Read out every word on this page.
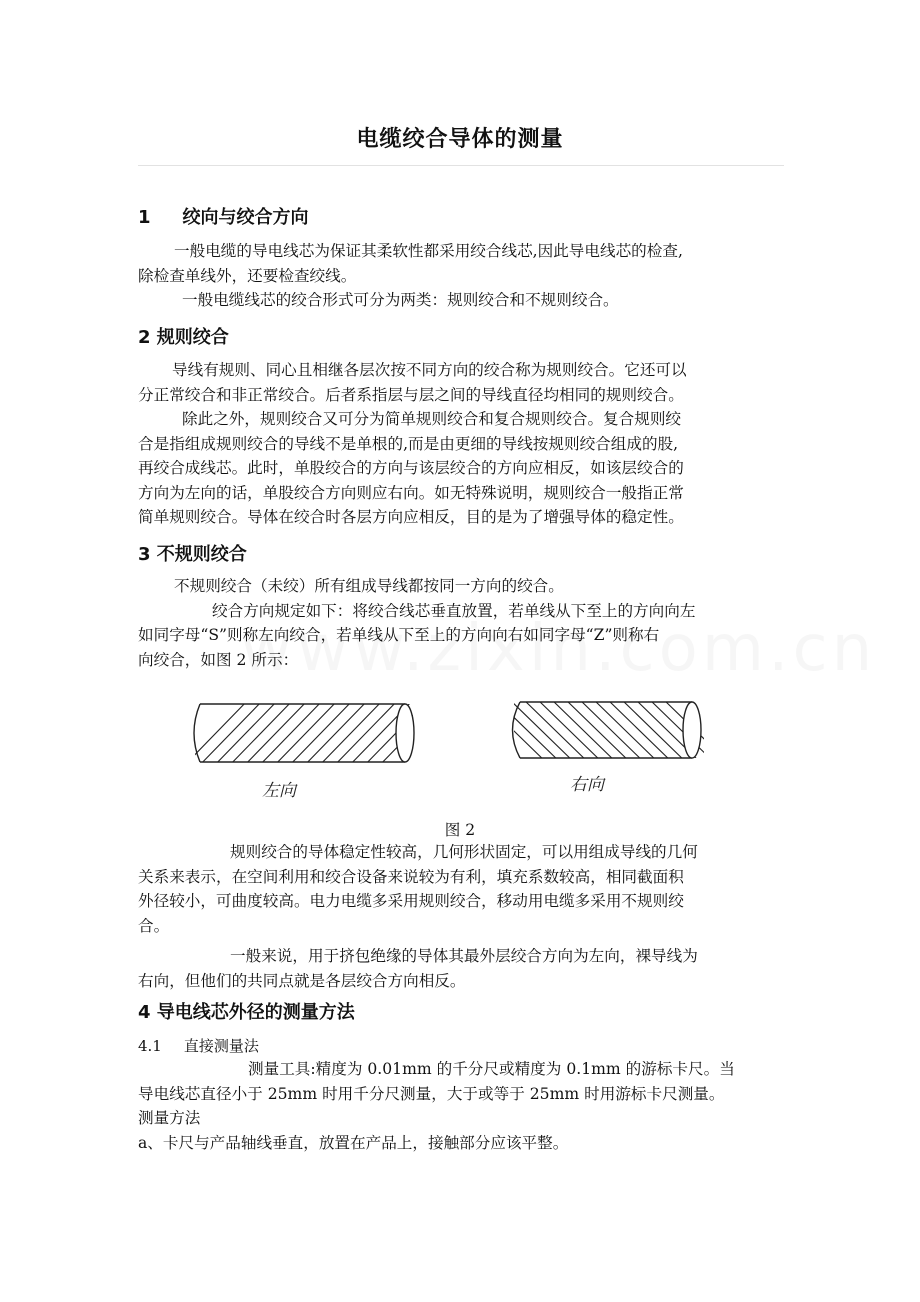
电缆绞合导体的测量
1 绞向与绞合方向
一般电缆的导电线芯为保证其柔软性都采用绞合线芯,因此导电线芯的检查,
除检查单线外，还要检查绞线。
一般电缆线芯的绞合形式可分为两类：规则绞合和不规则绞合。
2 规则绞合
导线有规则、同心且相继各层次按不同方向的绞合称为规则绞合。它还可以
分正常绞合和非正常绞合。后者系指层与层之间的导线直径均相同的规则绞合。
除此之外，规则绞合又可分为简单规则绞合和复合规则绞合。复合规则绞
合是指组成规则绞合的导线不是单根的,而是由更细的导线按规则绞合组成的股,
再绞合成线芯。此时，单股绞合的方向与该层绞合的方向应相反，如该层绞合的
方向为左向的话，单股绞合方向则应右向。如无特殊说明，规则绞合一般指正常
简单规则绞合。导体在绞合时各层方向应相反，目的是为了增强导体的稳定性。
3 不规则绞合
不规则绞合（未绞）所有组成导线都按同一方向的绞合。
绞合方向规定如下：将绞合线芯垂直放置，若单线从下至上的方向向左
如同字母“S”则称左向绞合，若单线从下至上的方向向右如同字母“Z”则称右
向绞合，如图 2 所示：
左向	右向
图 2
规则绞合的导体稳定性较高，几何形状固定，可以用组成导线的几何
关系来表示，在空间利用和绞合设备来说较为有利，填充系数较高，相同截面积
外径较小，可曲度较高。电力电缆多采用规则绞合，移动用电缆多采用不规则绞
合。
一般来说，用于挤包绝缘的导体其最外层绞合方向为左向，裸导线为
右向，但他们的共同点就是各层绞合方向相反。
4 导电线芯外径的测量方法
4.1 直接测量法
测量工具:精度为 0.01mm 的千分尺或精度为 0.1mm 的游标卡尺。当
导电线芯直径小于 25mm 时用千分尺测量，大于或等于 25mm 时用游标卡尺测量。
测量方法
a、卡尺与产品轴线垂直，放置在产品上，接触部分应该平整。
